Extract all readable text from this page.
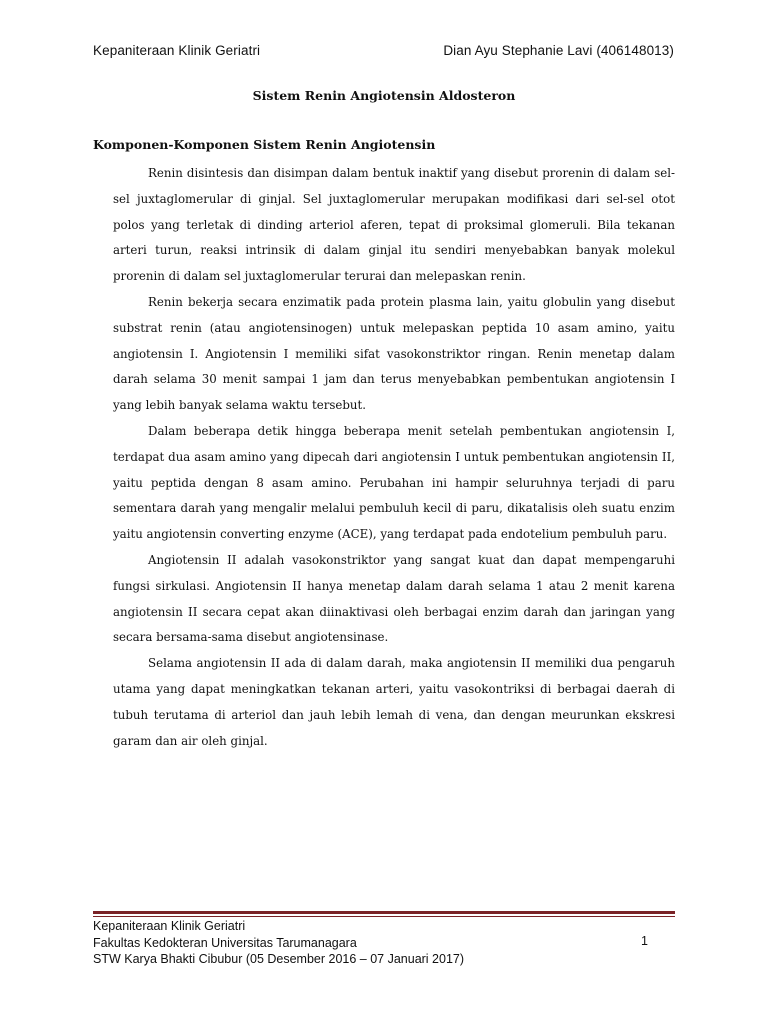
Kepaniteraan Klinik Geriatri	Dian Ayu Stephanie Lavi (406148013)
Sistem Renin Angiotensin Aldosteron
Komponen-Komponen Sistem Renin Angiotensin

Renin disintesis dan disimpan dalam bentuk inaktif yang disebut prorenin di dalam sel-sel juxtaglomerular di ginjal. Sel juxtaglomerular merupakan modifikasi dari sel-sel otot polos yang terletak di dinding arteriol aferen, tepat di proksimal glomeruli. Bila tekanan arteri turun, reaksi intrinsik di dalam ginjal itu sendiri menyebabkan banyak molekul prorenin di dalam sel juxtaglomerular terurai dan melepaskan renin.

Renin bekerja secara enzimatik pada protein plasma lain, yaitu globulin yang disebut substrat renin (atau angiotensinogen) untuk melepaskan peptida 10 asam amino, yaitu angiotensin I. Angiotensin I memiliki sifat vasokonstriktor ringan. Renin menetap dalam darah selama 30 menit sampai 1 jam dan terus menyebabkan pembentukan angiotensin I yang lebih banyak selama waktu tersebut.

Dalam beberapa detik hingga beberapa menit setelah pembentukan angiotensin I, terdapat dua asam amino yang dipecah dari angiotensin I untuk pembentukan angiotensin II, yaitu peptida dengan 8 asam amino. Perubahan ini hampir seluruhnya terjadi di paru sementara darah yang mengalir melalui pembuluh kecil di paru, dikatalisis oleh suatu enzim yaitu angiotensin converting enzyme (ACE), yang terdapat pada endotelium pembuluh paru.

Angiotensin II adalah vasokonstriktor yang sangat kuat dan dapat mempengaruhi fungsi sirkulasi. Angiotensin II hanya menetap dalam darah selama 1 atau 2 menit karena angiotensin II secara cepat akan diinaktivasi oleh berbagai enzim darah dan jaringan yang secara bersama-sama disebut angiotensinase.

Selama angiotensin II ada di dalam darah, maka angiotensin II memiliki dua pengaruh utama yang dapat meningkatkan tekanan arteri, yaitu vasokontriksi di berbagai daerah di tubuh terutama di arteriol dan jauh lebih lemah di vena, dan dengan meurunkan ekskresi garam dan air oleh ginjal.

Kepaniteraan Klinik Geriatri
Fakultas Kedokteran Universitas Tarumanagara
STW Karya Bhakti Cibubur (05 Desember 2016 – 07 Januari 2017)
1
